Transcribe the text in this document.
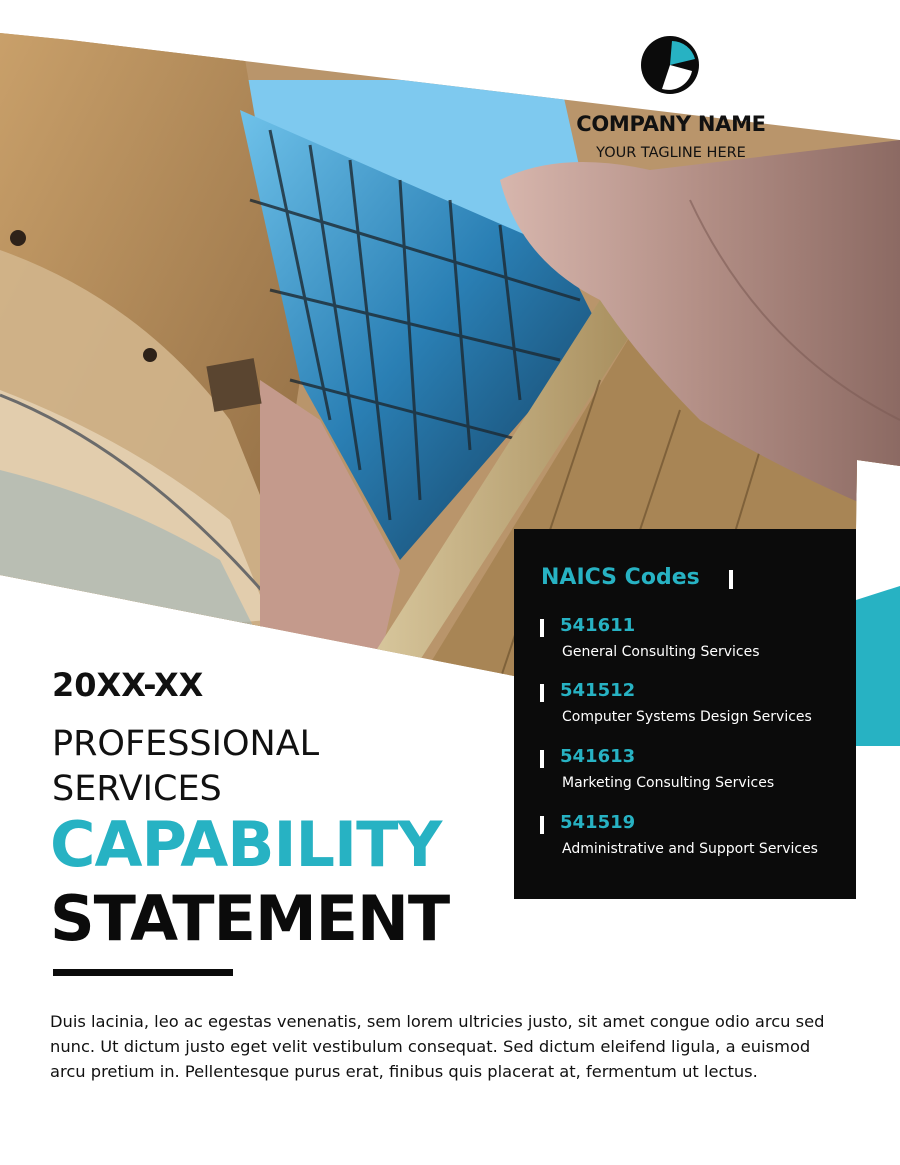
COMPANY NAME
YOUR TAGLINE HERE
NAICS Codes
541611
General Consulting Services
541512
Computer Systems Design Services
541613
Marketing Consulting Services
541519
Administrative and Support Services
20XX-XX
PROFESSIONAL
SERVICES
CAPABILITY
STATEMENT
Duis lacinia, leo ac egestas venenatis, sem lorem ultricies justo, sit amet congue odio arcu sed nunc. Ut dictum justo eget velit vestibulum consequat. Sed dictum eleifend ligula, a euismod arcu pretium in. Pellentesque purus erat, finibus quis placerat at, fermentum ut lectus.
